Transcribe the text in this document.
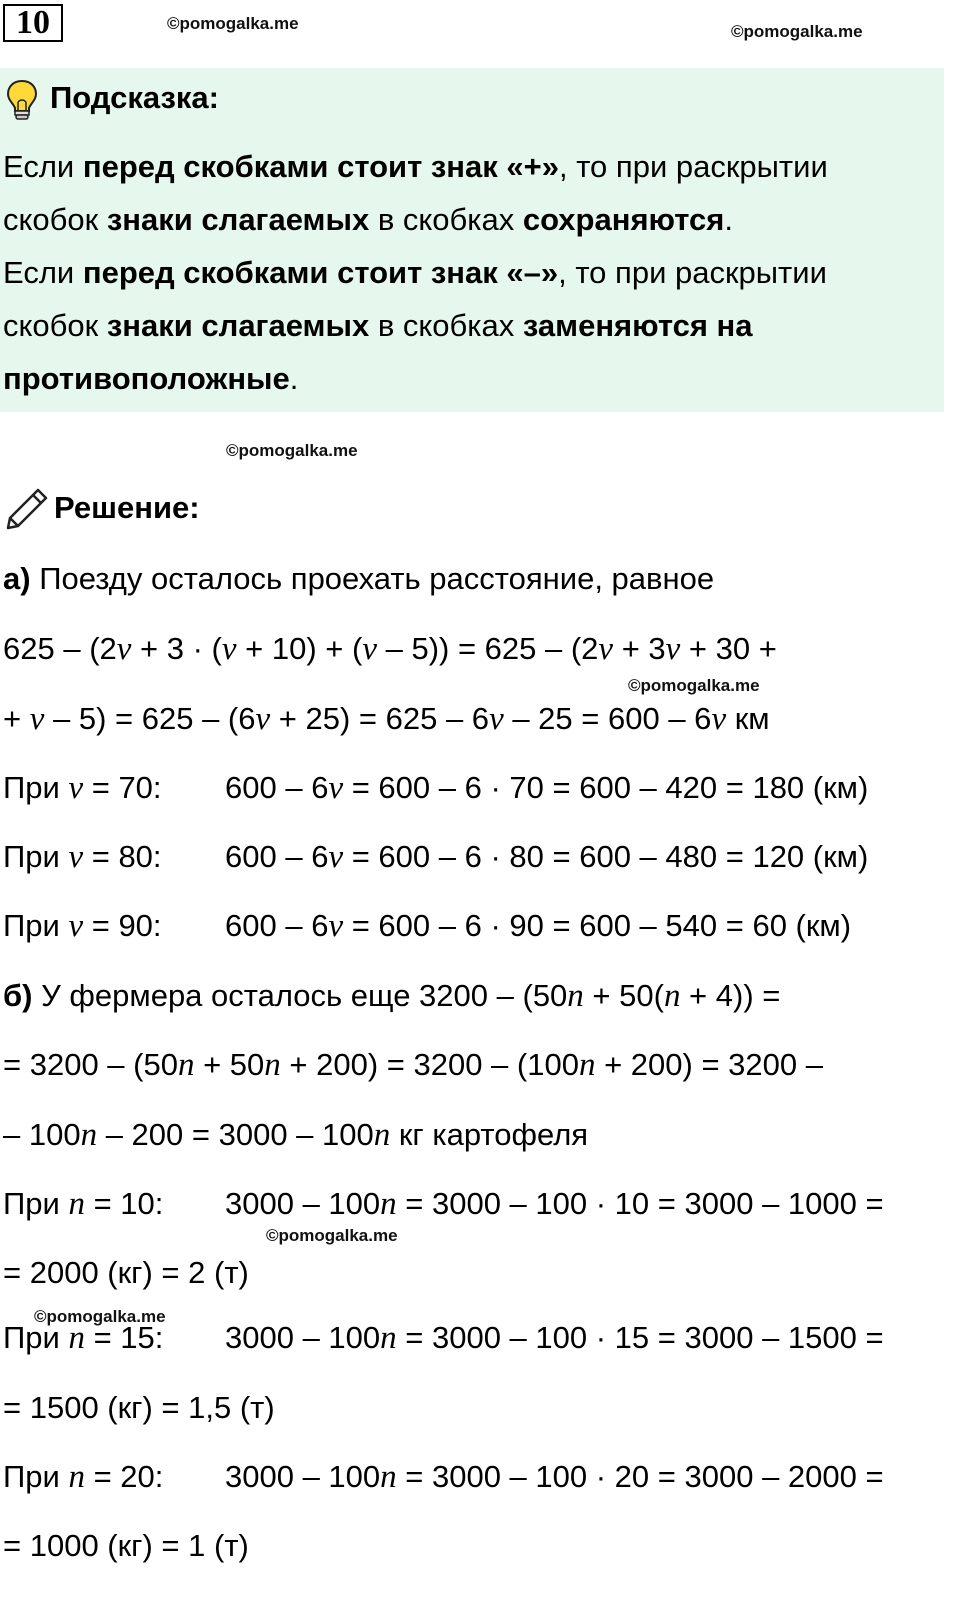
10	©pomogalka.me	©pomogalka.me
Подсказка:
Если перед скобками стоит знак «+», то при раскрытии
скобок знаки слагаемых в скобках сохраняются.
Если перед скобками стоит знак «–», то при раскрытии
скобок знаки слагаемых в скобках заменяются на
противоположные.
©pomogalka.me
Решение:
а) Поезду осталось проехать расстояние, равное
625 – (2v + 3 · (v + 10) + (v – 5)) = 625 – (2v + 3v + 30 +
©pomogalka.me
+ v – 5) = 625 – (6v + 25) = 625 – 6v – 25 = 600 – 6v км
При v = 70: 600 – 6v = 600 – 6 · 70 = 600 – 420 = 180 (км)
При v = 80: 600 – 6v = 600 – 6 · 80 = 600 – 480 = 120 (км)
При v = 90: 600 – 6v = 600 – 6 · 90 = 600 – 540 = 60 (км)
б) У фермера осталось еще 3200 – (50n + 50(n + 4)) =
= 3200 – (50n + 50n + 200) = 3200 – (100n + 200) = 3200 –
– 100n – 200 = 3000 – 100n кг картофеля
При n = 10: 3000 – 100n = 3000 – 100 · 10 = 3000 – 1000 =
©pomogalka.me
= 2000 (кг) = 2 (т)
©pomogalka.me
При n = 15: 3000 – 100n = 3000 – 100 · 15 = 3000 – 1500 =
= 1500 (кг) = 1,5 (т)
При n = 20: 3000 – 100n = 3000 – 100 · 20 = 3000 – 2000 =
= 1000 (кг) = 1 (т)
